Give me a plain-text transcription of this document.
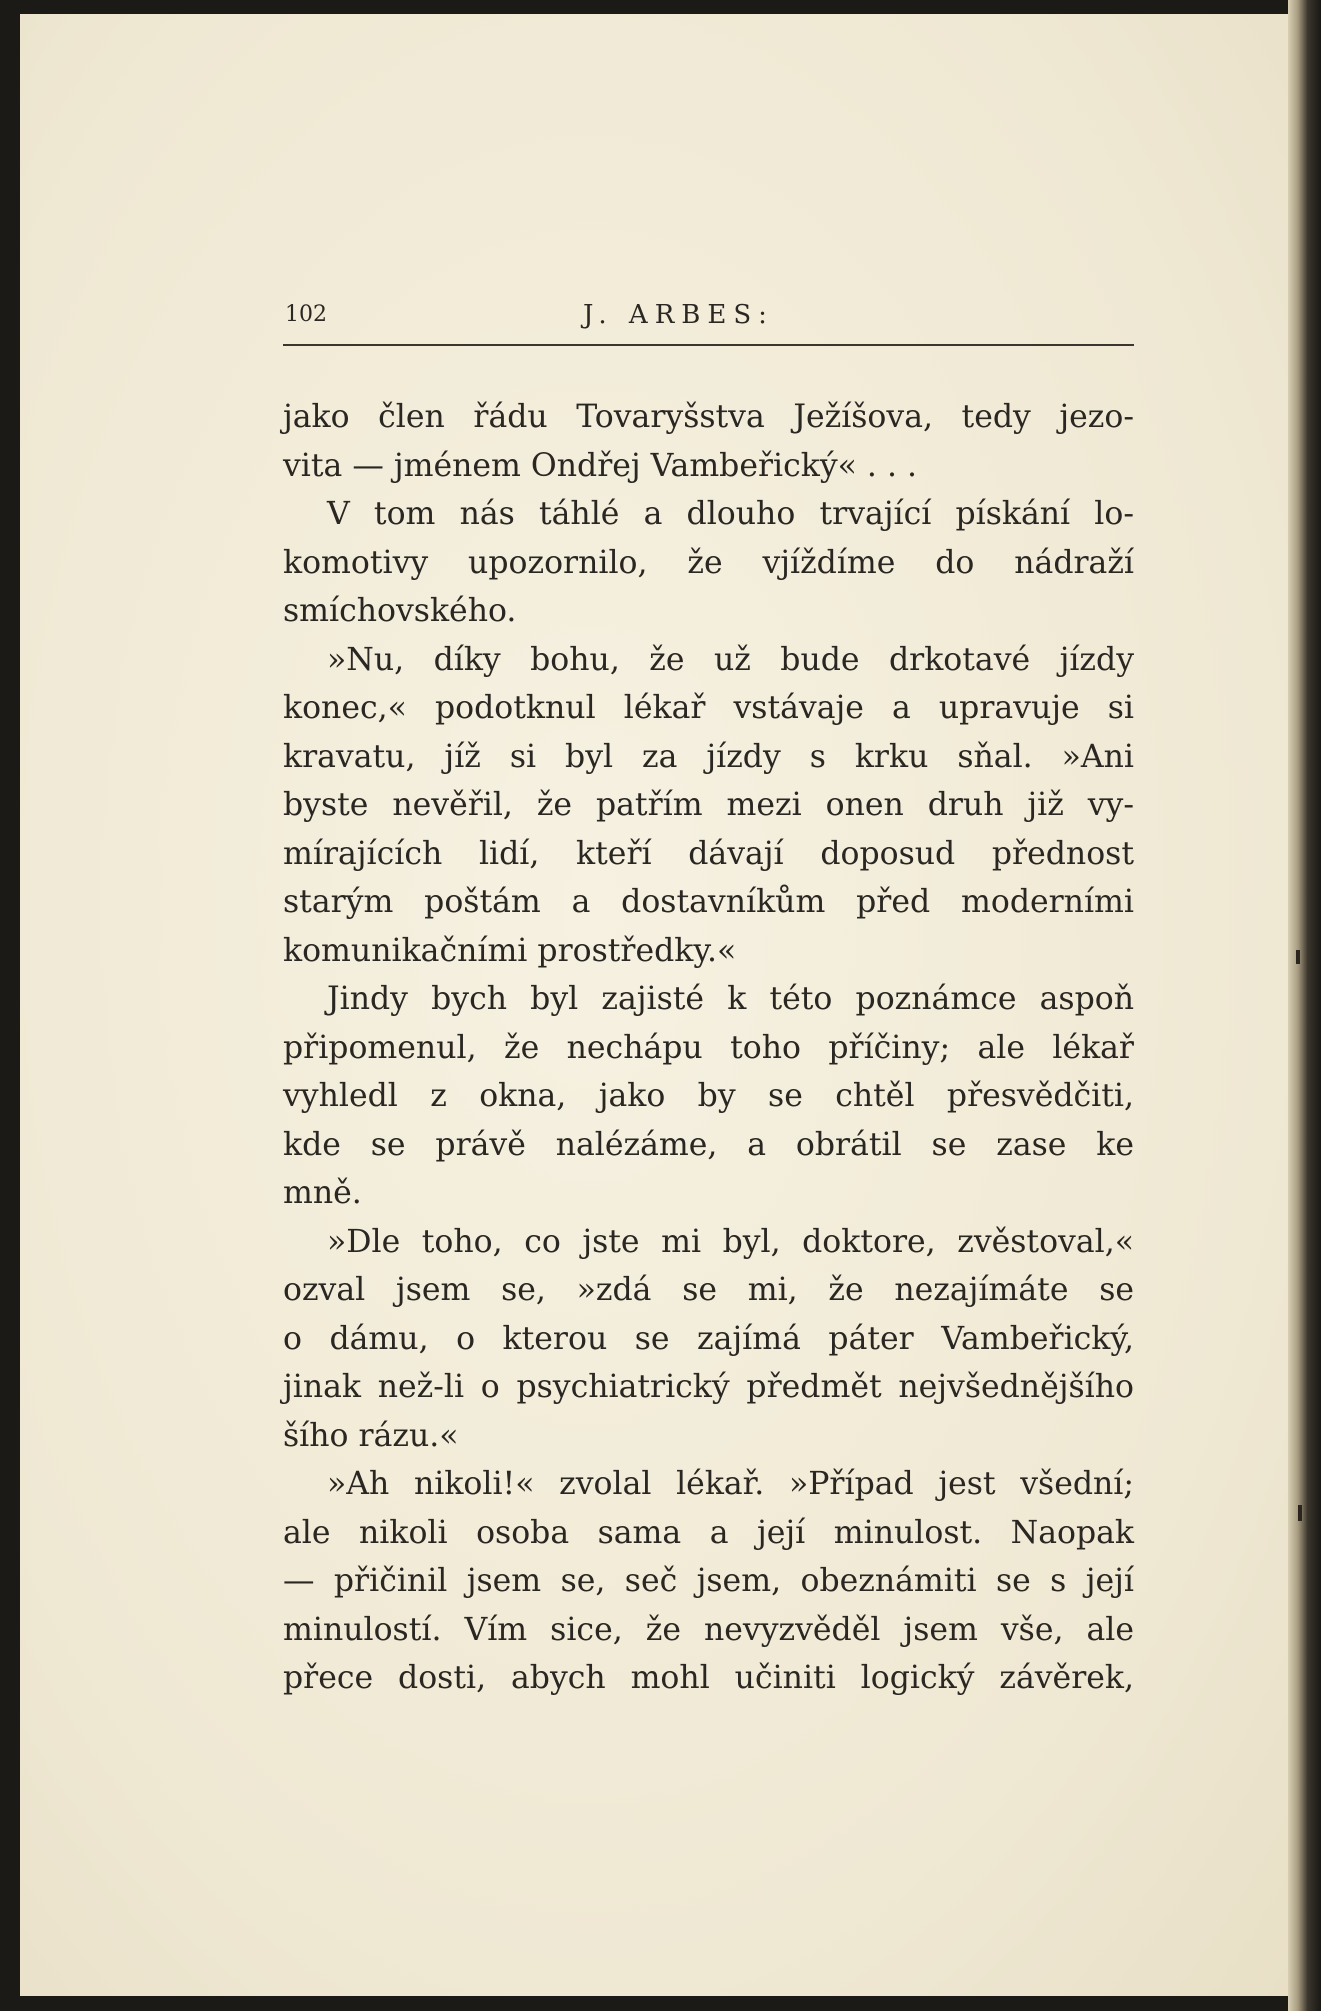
102	J. ARBES:
jako člen řádu Tovaryšstva Ježíšova, tedy jezo-
vita — jménem Ondřej Vambeřický« . . .
V tom nás táhlé a dlouho trvající pískání lo-
komotivy upozornilo, že vjíždíme do nádraží
smíchovského.
»Nu, díky bohu, že už bude drkotavé jízdy
konec,« podotknul lékař vstávaje a upravuje si
kravatu, jíž si byl za jízdy s krku sňal. »Ani
byste nevěřil, že patřím mezi onen druh již vy-
mírajících lidí, kteří dávají doposud přednost
starým poštám a dostavníkům před moderními
komunikačními prostředky.«
Jindy bych byl zajisté k této poznámce aspoň
připomenul, že nechápu toho příčiny; ale lékař
vyhledl z okna, jako by se chtěl přesvědčiti,
kde se právě nalézáme, a obrátil se zase ke
mně.
»Dle toho, co jste mi byl, doktore, zvěstoval,«
ozval jsem se, »zdá se mi, že nezajímáte se
o dámu, o kterou se zajímá páter Vambeřický,
jinak než-li o psychiatrický předmět nejvšednějšího
šího rázu.«
»Ah nikoli!« zvolal lékař. »Případ jest všední;
ale nikoli osoba sama a její minulost. Naopak
— přičinil jsem se, seč jsem, obeznámiti se s její
minulostí. Vím sice, že nevyzvěděl jsem vše, ale
přece dosti, abych mohl učiniti logický závěrek,
